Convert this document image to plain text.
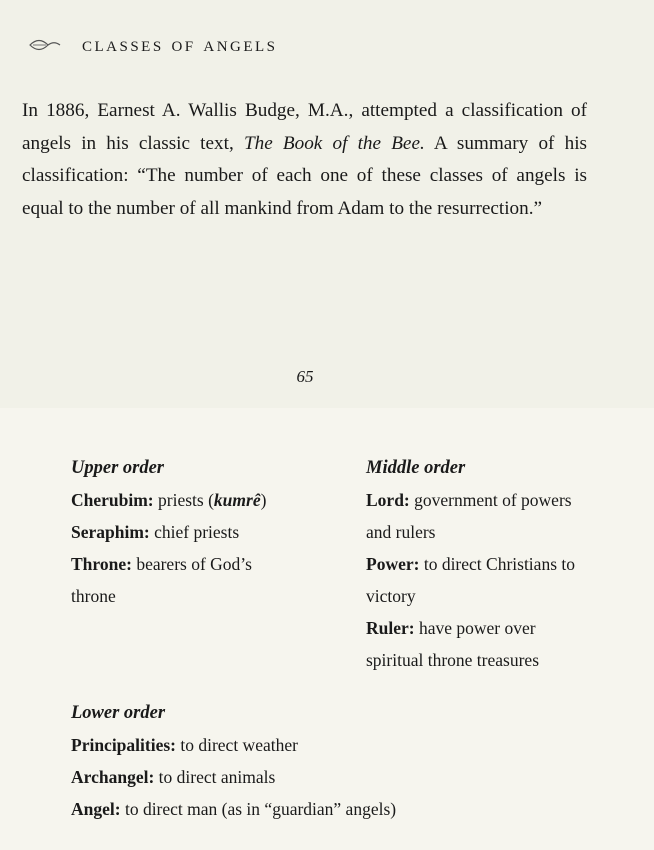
classes of angels

In 1886, Earnest A. Wallis Budge, M.A., attempted a classification of angels in his classic text, The Book of the Bee. A summary of his classification: “The number of each one of these classes of angels is equal to the number of all mankind from Adam to the resurrection.”

65
Upper order
Cherubim: priests (kumrê)
Seraphim: chief priests
Throne: bearers of God’s
throne
Middle order
Lord: government of powers
and rulers
Power: to direct Christians to
victory
Ruler: have power over
spiritual throne treasures
Lower order
Principalities: to direct weather
Archangel: to direct animals
Angel: to direct man (as in “guardian” angels)
